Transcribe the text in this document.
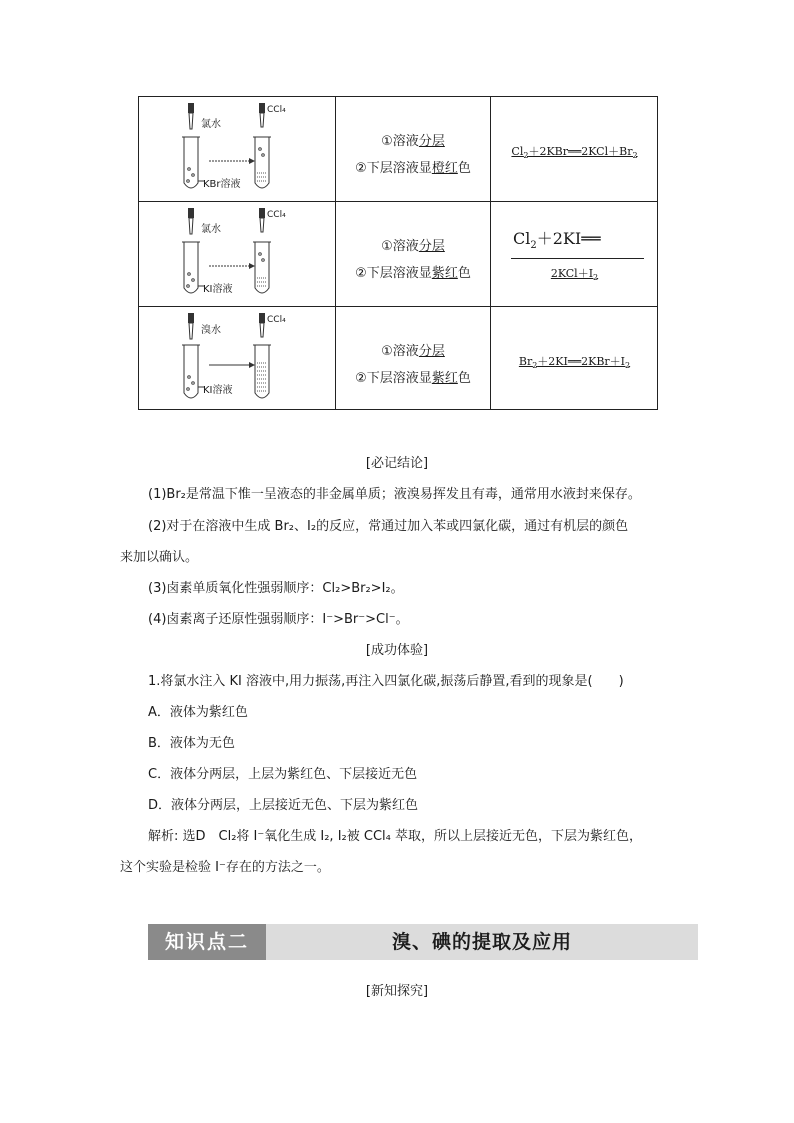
氯水
CCl₄
KBr溶液
①溶液分层
②下层溶液显橙红色
$Cl_2+2KBr══2KCl+Br_2$
氯水
CCl₄
KI溶液
①溶液分层
②下层溶液显紫红色
$Cl_2+2KI══$
$2KCl+I_2$
溴水
CCl₄
KI溶液
①溶液分层
②下层溶液显紫红色
$Br_2+2KI══2KBr+I_2$
[必记结论]
(1)Br₂是常温下惟一呈液态的非金属单质；液溴易挥发且有毒，通常用水液封来保存。
(2)对于在溶液中生成 Br₂、I₂的反应，常通过加入苯或四氯化碳，通过有机层的颜色
来加以确认。
(3)卤素单质氧化性强弱顺序：Cl₂>Br₂>I₂。
(4)卤素离子还原性强弱顺序：I⁻>Br⁻>Cl⁻。
[成功体验]
1.将氯水注入 KI 溶液中,用力振荡,再注入四氯化碳,振荡后静置,看到的现象是(　　)
A．液体为紫红色
B．液体为无色
C．液体分两层，上层为紫红色、下层接近无色
D．液体分两层，上层接近无色、下层为紫红色
解析: 选D　Cl₂将 I⁻氧化生成 I₂, I₂被 CCl₄ 萃取，所以上层接近无色，下层为紫红色，
这个实验是检验 I⁻存在的方法之一。
知识点二	溴、碘的提取及应用
[新知探究]
